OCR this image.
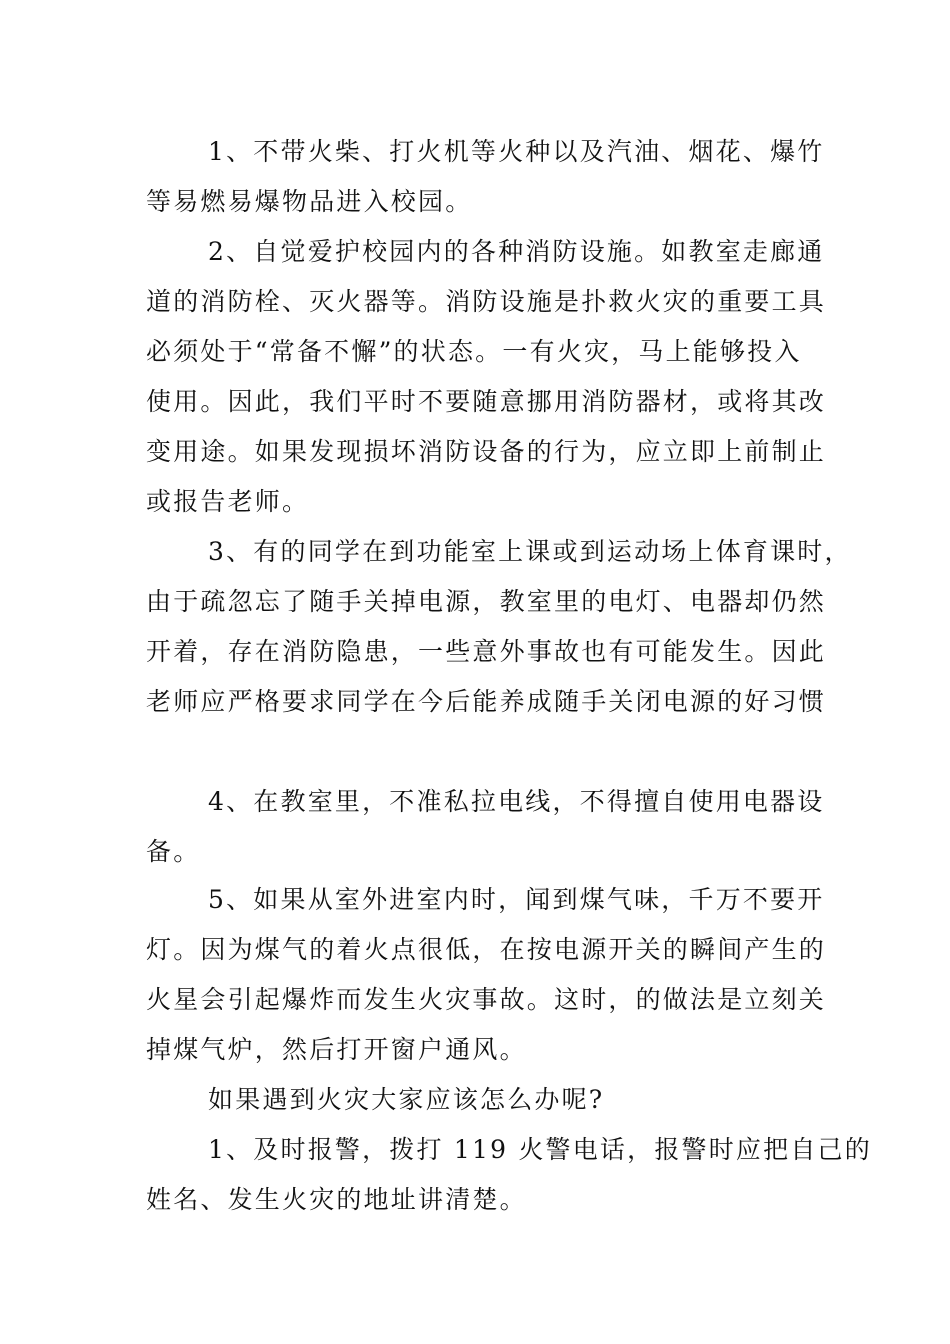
1、不带火柴、打火机等火种以及汽油、烟花、爆竹
等易燃易爆物品进入校园。
2、自觉爱护校园内的各种消防设施。如教室走廊通
道的消防栓、灭火器等。消防设施是扑救火灾的重要工具
必须处于“常备不懈”的状态。一有火灾，马上能够投入
使用。因此，我们平时不要随意挪用消防器材，或将其改
变用途。如果发现损坏消防设备的行为，应立即上前制止
或报告老师。
3、有的同学在到功能室上课或到运动场上体育课时，
由于疏忽忘了随手关掉电源，教室里的电灯、电器却仍然
开着，存在消防隐患，一些意外事故也有可能发生。因此
老师应严格要求同学在今后能养成随手关闭电源的好习惯
4、在教室里，不准私拉电线，不得擅自使用电器设
备。
5、如果从室外进室内时，闻到煤气味，千万不要开
灯。因为煤气的着火点很低，在按电源开关的瞬间产生的
火星会引起爆炸而发生火灾事故。这时，的做法是立刻关
掉煤气炉，然后打开窗户通风。
如果遇到火灾大家应该怎么办呢?
1、及时报警，拨打 119 火警电话，报警时应把自己的
姓名、发生火灾的地址讲清楚。
